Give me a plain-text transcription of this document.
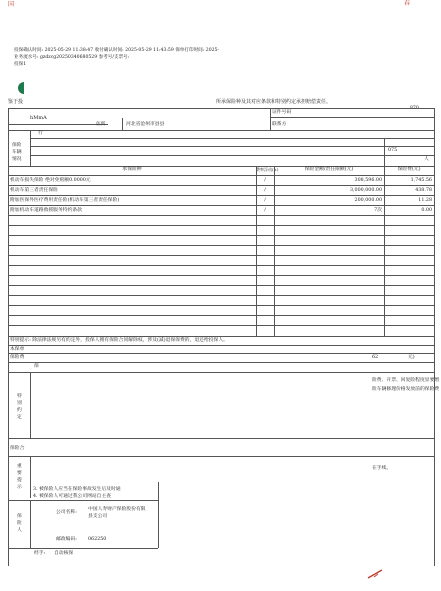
国	春
投保确认时间: 2025-05-29 11:38:47 收付确认时间: 2025-05-29 11:43:59 保单打印时间: 2025-
业务流水号: gzdzcg20250340680529 参考号/支票号:
投保1
870
鉴于投	所承保险种及其对应条款和特别约定承担赔偿责任。
证件号码
hMmA
住所	河北省沧州市县县	联系方
行
保险
车辆
情况
075
人
承保险种	费率浮动(±)	保险金额/责任限额(元)	保险费(元)
机动车损失保险 绝对免赔额0.0000元	/	308,596.00	1,745.56
机动车第三者责任保险	/	3,000,000.00	438.78
附加医保外医疗费用责任险(机动车第三者责任保险)	/	200,000.00	11.28
附加机动车道路救援服务特约条款	/	7次	0.00
特别提示: 除法律法规另有约定外，投保人拥有保险合同解除权，涉及(减)退保保费的，退还给投保人。
本保单
保险费	62	元)
保
特
别
约
定
险费、开票、回复险程度显要增
险车辆修理价格发放前的保险费
保险合
重
要
提
示
在手续。
3. 被保险人应当在保险事故发生后及时通
4. 被保险人可通过我公司网站自主查
保
险
人
公司名称:
中国人寿财产保险股份有限
县支公司
邮政编码: 062250
经手: 自动核保
